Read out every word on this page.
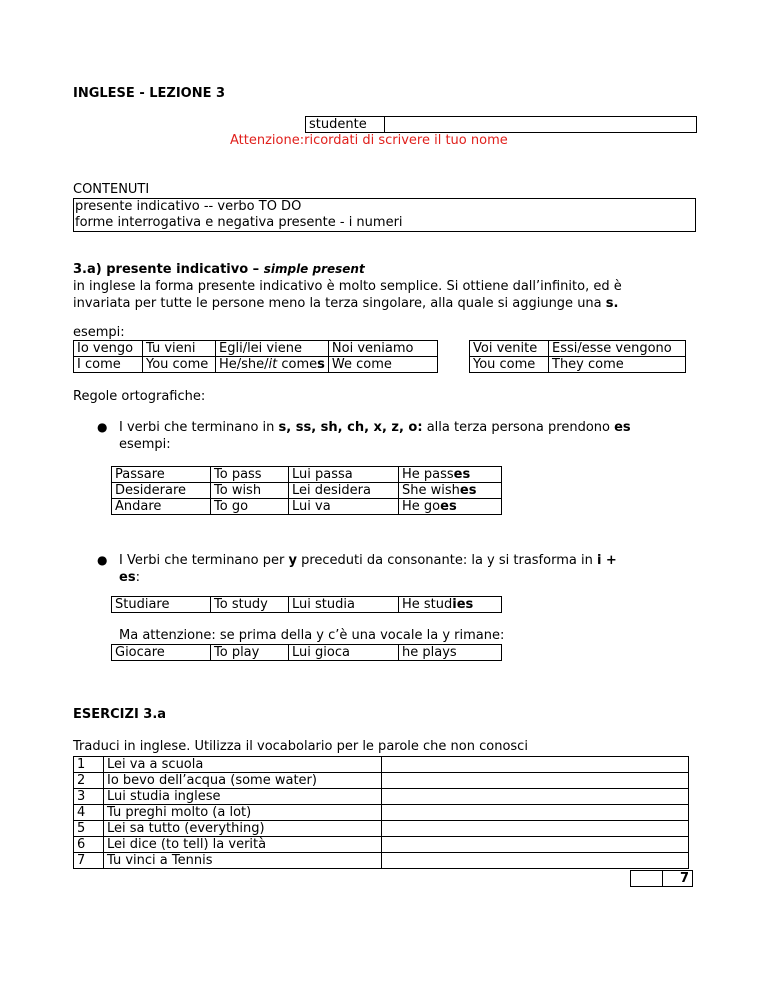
INGLESE - LEZIONE 3
studente	
Attenzione:ricordati di scrivere il tuo nome
CONTENUTI
presente indicativo -- verbo TO DO
forme interrogativa e negativa presente - i numeri
3.a) presente indicativo – simple present
in inglese la forma presente indicativo è molto semplice. Si ottiene dall’infinito, ed è
invariata per tutte le persone meno la terza singolare, alla quale si aggiunge una s.
esempi:
Io vengo	Tu vieni	Egli/lei viene	Noi veniamo
I come	You come	He/she/it comes	We come
Voi venite	Essi/esse vengono
You come	They come
Regole ortografiche:
● I verbi che terminano in s, ss, sh, ch, x, z, o: alla terza persona prendono es
esempi:
Passare	To pass	Lui passa	He passes
Desiderare	To wish	Lei desidera	She wishes
Andare	To go	Lui va	He goes
● I Verbi che terminano per y preceduti da consonante: la y si trasforma in i +
es:
Studiare	To study	Lui studia	He studies
Ma attenzione: se prima della y c’è una vocale la y rimane:
Giocare	To play	Lui gioca	he plays
ESERCIZI 3.a
Traduci in inglese. Utilizza il vocabolario per le parole che non conosci
1	Lei va a scuola	
2	Io bevo dell’acqua (some water)	
3	Lui studia inglese	
4	Tu preghi molto (a lot)	
5	Lei sa tutto (everything)	
6	Lei dice (to tell) la verità	
7	Tu vinci a Tennis	
	7
